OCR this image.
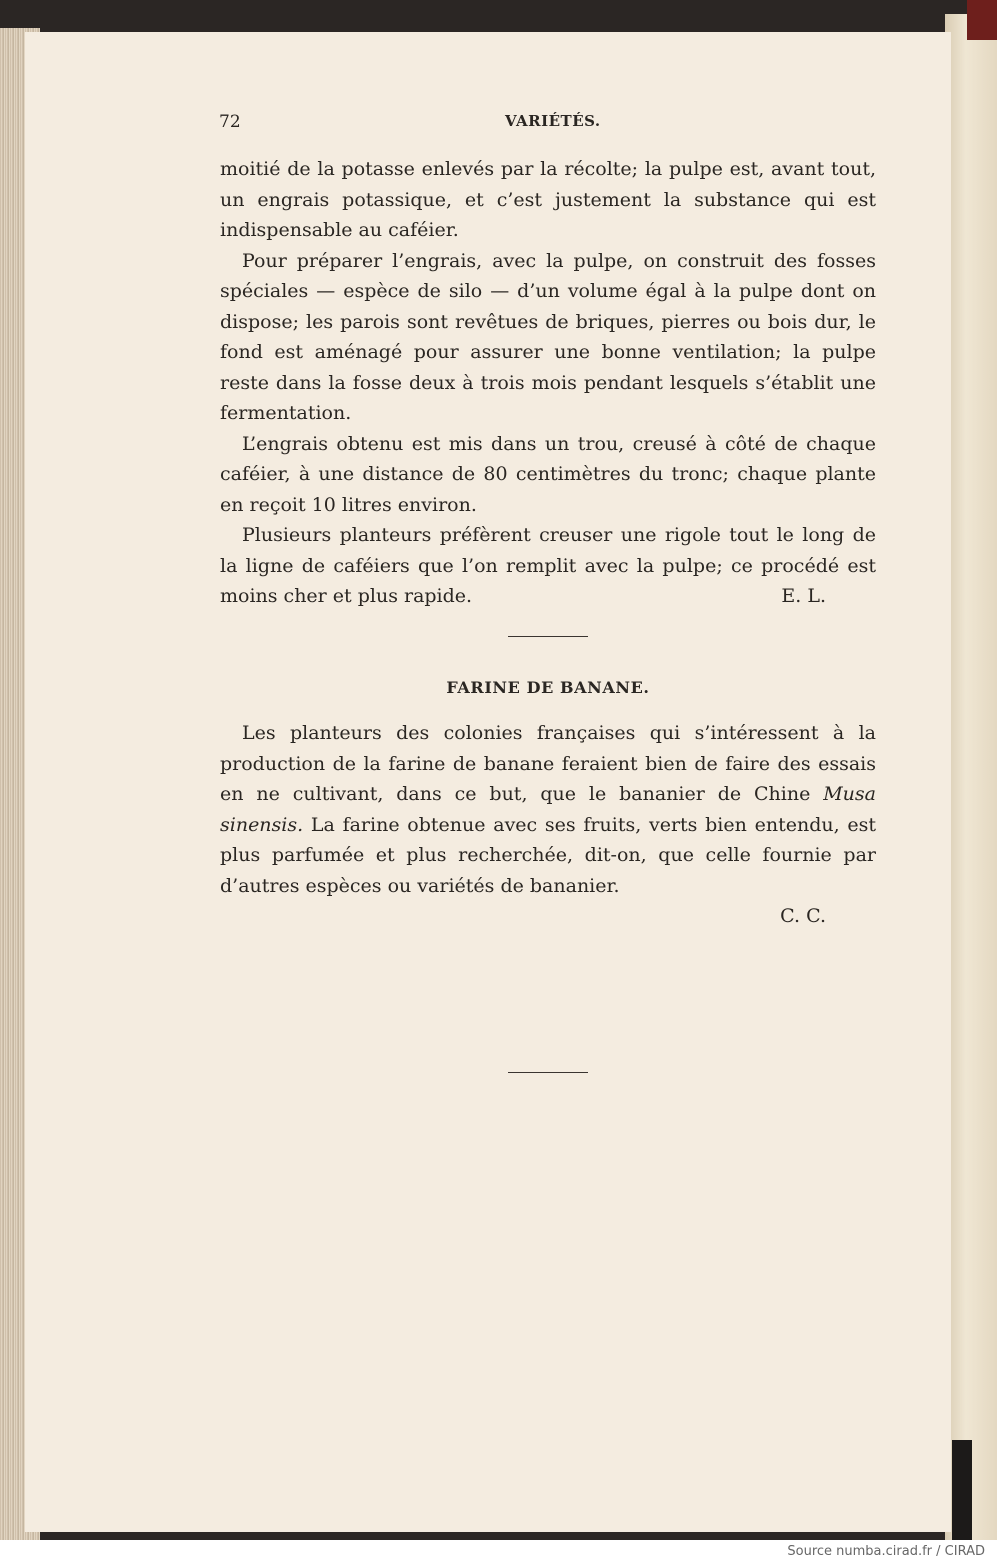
72	VARIÉTÉS.

moitié de la potasse enlevés par la récolte; la pulpe est, avant tout, un engrais potassique, et c’est justement la substance qui est indispensable au caféier.

Pour préparer l’engrais, avec la pulpe, on construit des fosses spéciales — espèce de silo — d’un volume égal à la pulpe dont on dispose; les parois sont revêtues de briques, pierres ou bois dur, le fond est aménagé pour assurer une bonne ventilation; la pulpe reste dans la fosse deux à trois mois pendant lesquels s’établit une fermentation.

L’engrais obtenu est mis dans un trou, creusé à côté de chaque caféier, à une distance de 80 centimètres du tronc; chaque plante en reçoit 10 litres environ.

Plusieurs planteurs préfèrent creuser une rigole tout le long de la ligne de caféiers que l’on remplit avec la pulpe; ce procédé est moins cher et plus rapide.	E. L.

FARINE DE BANANE.

Les planteurs des colonies françaises qui s’intéressent à la production de la farine de banane feraient bien de faire des essais en ne cultivant, dans ce but, que le bananier de Chine Musa sinensis. La farine obtenue avec ses fruits, verts bien entendu, est plus parfumée et plus recherchée, dit-on, que celle fournie par d’autres espèces ou variétés de bananier.

C. C.
Source numba.cirad.fr / CIRAD
